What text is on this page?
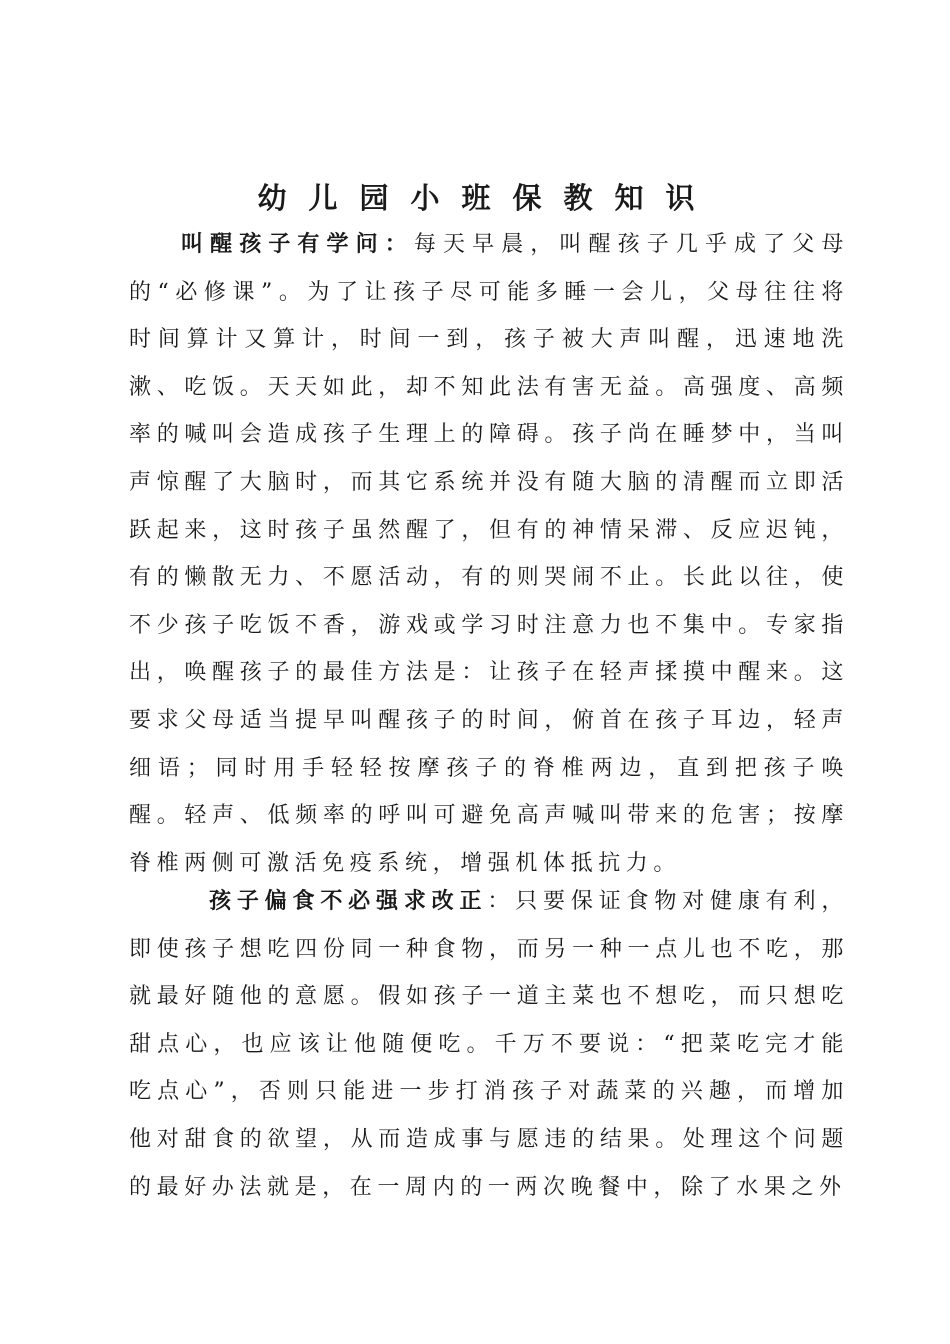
幼儿园小班保教知识

叫醒孩子有学问：每天早晨，叫醒孩子几乎成了父母的“必修课”。为了让孩子尽可能多睡一会儿，父母往往将时间算计又算计，时间一到，孩子被大声叫醒，迅速地洗漱、吃饭。天天如此，却不知此法有害无益。高强度、高频率的喊叫会造成孩子生理上的障碍。孩子尚在睡梦中，当叫声惊醒了大脑时，而其它系统并没有随大脑的清醒而立即活跃起来，这时孩子虽然醒了，但有的神情呆滞、反应迟钝，有的懒散无力、不愿活动，有的则哭闹不止。长此以往，使不少孩子吃饭不香，游戏或学习时注意力也不集中。专家指出，唤醒孩子的最佳方法是：让孩子在轻声揉摸中醒来。这要求父母适当提早叫醒孩子的时间，俯首在孩子耳边，轻声细语；同时用手轻轻按摩孩子的脊椎两边，直到把孩子唤醒。轻声、低频率的呼叫可避免高声喊叫带来的危害；按摩脊椎两侧可激活免疫系统，增强机体抵抗力。

孩子偏食不必强求改正：只要保证食物对健康有利，即使孩子想吃四份同一种食物，而另一种一点儿也不吃，那就最好随他的意愿。假如孩子一道主菜也不想吃，而只想吃甜点心，也应该让他随便吃。千万不要说：“把菜吃完才能吃点心”，否则只能进一步打消孩子对蔬菜的兴趣，而增加他对甜食的欲望，从而造成事与愿违的结果。处理这个问题的最好办法就是，在一周内的一两次晚餐中，除了水果之外
